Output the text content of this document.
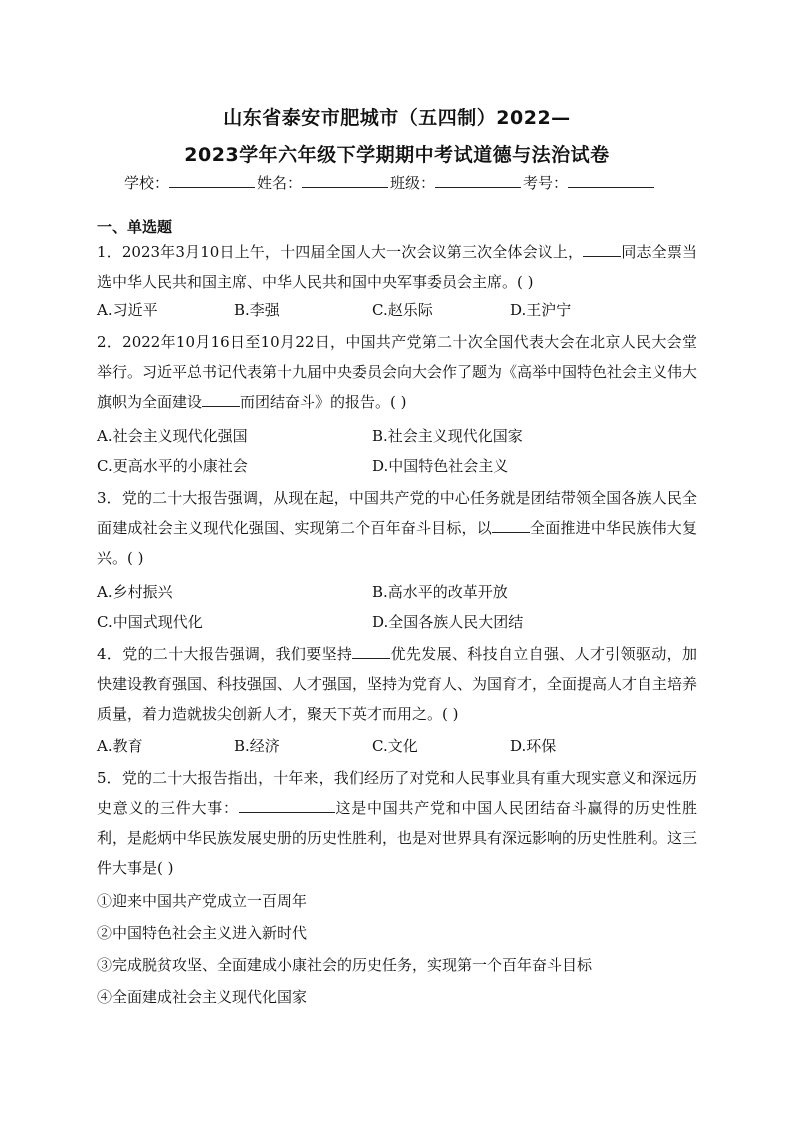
山东省泰安市肥城市（五四制）2022—
2023学年六年级下学期期中考试道德与法治试卷
学校：	姓名：	班级：	考号：
一、单选题
1．2023年3月10日上午，十四届全国人大一次会议第三次全体会议上，	同志全票当选中华人民共和国主席、中华人民共和国中央军事委员会主席。( )
A.习近平	B.李强	C.赵乐际	D.王沪宁
2．2022年10月16日至10月22日，中国共产党第二十次全国代表大会在北京人民大会堂举行。习近平总书记代表第十九届中央委员会向大会作了题为《高举中国特色社会主义伟大旗帜为全面建设	而团结奋斗》的报告。( )
A.社会主义现代化强国	B.社会主义现代化国家
C.更高水平的小康社会	D.中国特色社会主义
3．党的二十大报告强调，从现在起，中国共产党的中心任务就是团结带领全国各族人民全面建成社会主义现代化强国、实现第二个百年奋斗目标，以	全面推进中华民族伟大复兴。( )
A.乡村振兴	B.高水平的改革开放
C.中国式现代化	D.全国各族人民大团结
4．党的二十大报告强调，我们要坚持	优先发展、科技自立自强、人才引领驱动，加快建设教育强国、科技强国、人才强国，坚持为党育人、为国育才，全面提高人才自主培养质量，着力造就拔尖创新人才，聚天下英才而用之。( )
A.教育	B.经济	C.文化	D.环保
5．党的二十大报告指出，十年来，我们经历了对党和人民事业具有重大现实意义和深远历史意义的三件大事：	这是中国共产党和中国人民团结奋斗赢得的历史性胜利，是彪炳中华民族发展史册的历史性胜利，也是对世界具有深远影响的历史性胜利。这三件大事是( )
①迎来中国共产党成立一百周年
②中国特色社会主义进入新时代
③完成脱贫攻坚、全面建成小康社会的历史任务，实现第一个百年奋斗目标
④全面建成社会主义现代化国家
